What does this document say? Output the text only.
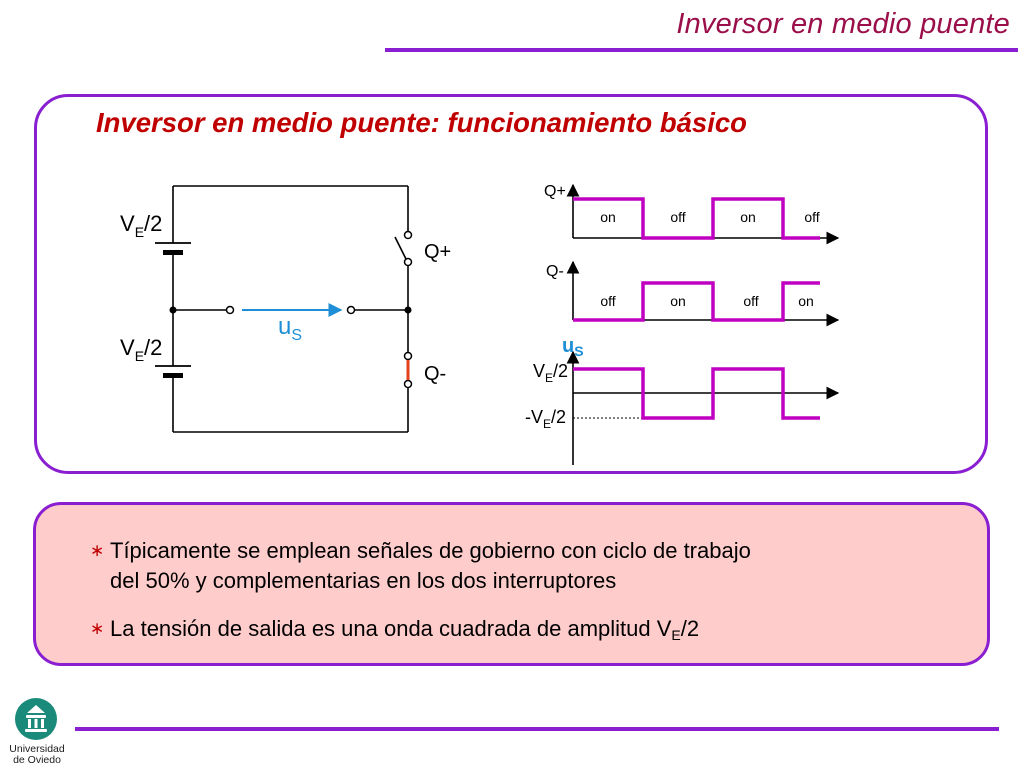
Inversor en medio puente
Inversor en medio puente: funcionamiento básico
$V_E/2$
$V_E/2$
Q+
Q-
$u_S$
Q+
on	off	on	off
Q-
off	on	off	on
$u_S$
$V_E/2$
$-V_E/2$
∗ Típicamente se emplean señales de gobierno con ciclo de trabajo
del 50% y complementarias en los dos interruptores
∗ La tensión de salida es una onda cuadrada de amplitud $V_E/2$
Universidad
de Oviedo
